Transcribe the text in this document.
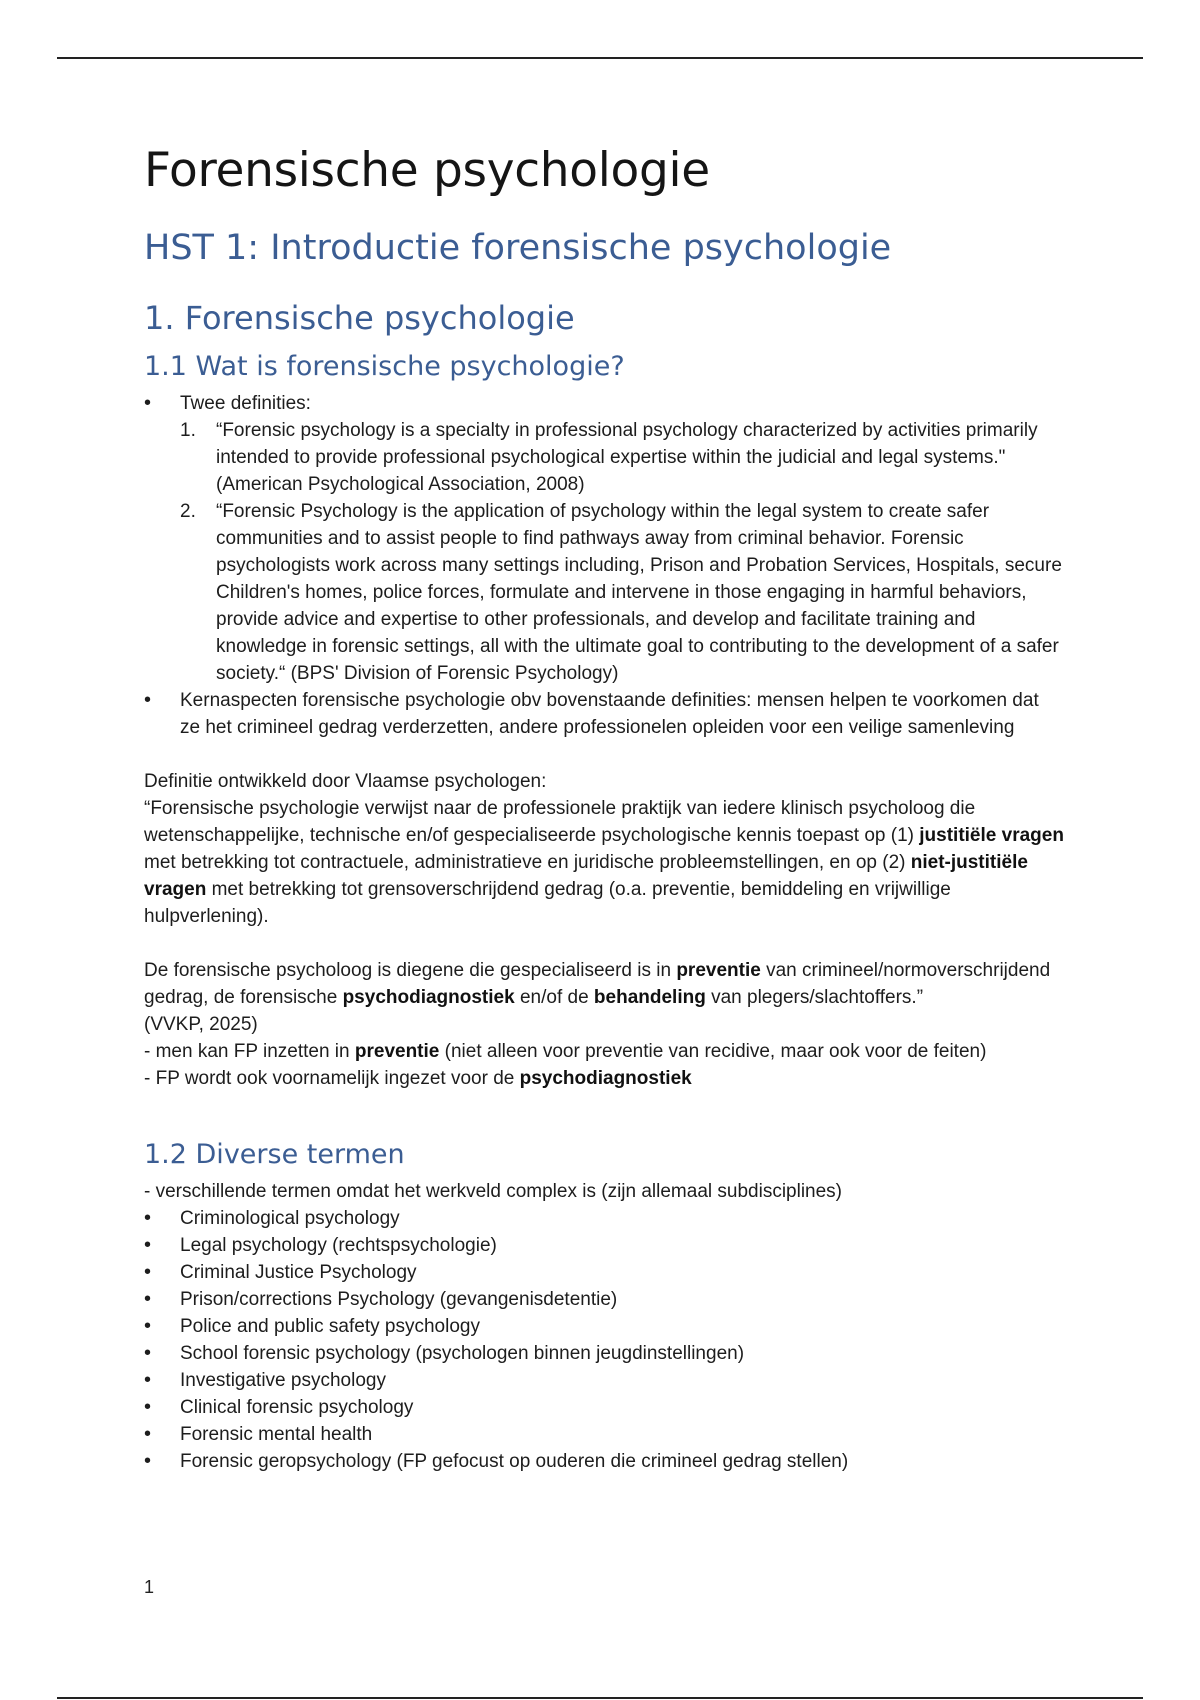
Forensische psychologie
HST 1: Introductie forensische psychologie
1. Forensische psychologie
1.1 Wat is forensische psychologie?
• Twee definities:
1. “Forensic psychology is a specialty in professional psychology characterized by activities primarily intended to provide professional psychological expertise within the judicial and legal systems." (American Psychological Association, 2008)
2. “Forensic Psychology is the application of psychology within the legal system to create safer communities and to assist people to find pathways away from criminal behavior. Forensic psychologists work across many settings including, Prison and Probation Services, Hospitals, secure Children's homes, police forces, formulate and intervene in those engaging in harmful behaviors, provide advice and expertise to other professionals, and develop and facilitate training and knowledge in forensic settings, all with the ultimate goal to contributing to the development of a safer society.“ (BPS' Division of Forensic Psychology)
• Kernaspecten forensische psychologie obv bovenstaande definities: mensen helpen te voorkomen dat ze het crimineel gedrag verderzetten, andere professionelen opleiden voor een veilige samenleving

Definitie ontwikkeld door Vlaamse psychologen:

“Forensische psychologie verwijst naar de professionele praktijk van iedere klinisch psycholoog die wetenschappelijke, technische en/of gespecialiseerde psychologische kennis toepast op (1) justitiële vragen met betrekking tot contractuele, administratieve en juridische probleemstellingen, en op (2) niet-justitiële vragen met betrekking tot grensoverschrijdend gedrag (o.a. preventie, bemiddeling en vrijwillige hulpverlening).

De forensische psycholoog is diegene die gespecialiseerd is in preventie van crimineel/normoverschrijdend gedrag, de forensische psychodiagnostiek en/of de behandeling van plegers/slachtoffers.”

(VVKP, 2025)

- men kan FP inzetten in preventie (niet alleen voor preventie van recidive, maar ook voor de feiten)

- FP wordt ook voornamelijk ingezet voor de psychodiagnostiek

1.2 Diverse termen

- verschillende termen omdat het werkveld complex is (zijn allemaal subdisciplines)

• Criminological psychology
• Legal psychology (rechtspsychologie)
• Criminal Justice Psychology
• Prison/corrections Psychology (gevangenisdetentie)
• Police and public safety psychology
• School forensic psychology (psychologen binnen jeugdinstellingen)
• Investigative psychology
• Clinical forensic psychology
• Forensic mental health
• Forensic geropsychology (FP gefocust op ouderen die crimineel gedrag stellen)
1
